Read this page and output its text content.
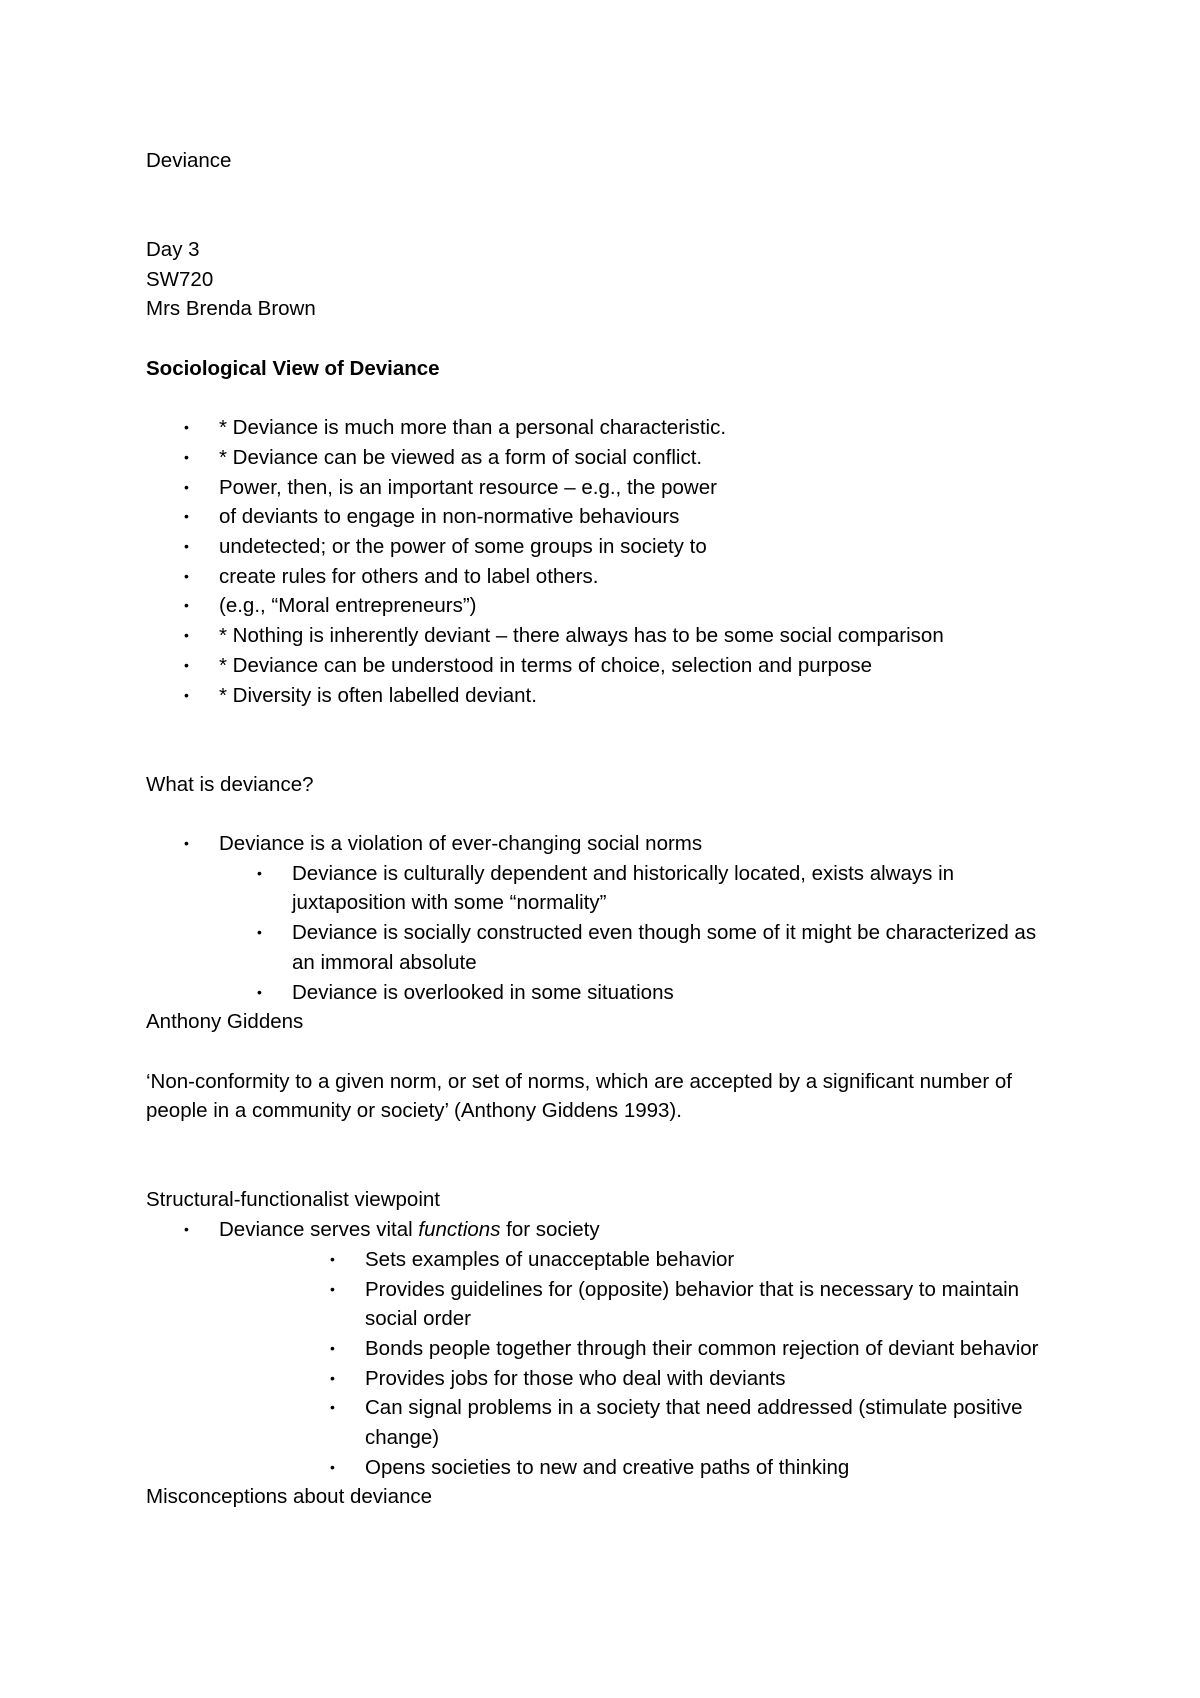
Deviance

Day 3

SW720

Mrs Brenda Brown

Sociological View of Deviance

• * Deviance is much more than a personal characteristic.
• * Deviance can be viewed as a form of social conflict.
• Power, then, is an important resource – e.g., the power
• of deviants to engage in non-normative behaviours
• undetected; or the power of some groups in society to
• create rules for others and to label others.
• (e.g., “Moral entrepreneurs”)
• * Nothing is inherently deviant – there always has to be some social comparison
• * Deviance can be understood in terms of choice, selection and purpose
• * Diversity is often labelled deviant.

What is deviance?

• Deviance is a violation of ever-changing social norms
• Deviance is culturally dependent and historically located, exists always in juxtaposition with some “normality”
• Deviance is socially constructed even though some of it might be characterized as an immoral absolute
• Deviance is overlooked in some situations

Anthony Giddens

‘Non-conformity to a given norm, or set of norms, which are accepted by a significant number of people in a community or society’ (Anthony Giddens 1993).

Structural-functionalist viewpoint

• Deviance serves vital functions for society
• Sets examples of unacceptable behavior
• Provides guidelines for (opposite) behavior that is necessary to maintain social order
• Bonds people together through their common rejection of deviant behavior
• Provides jobs for those who deal with deviants
• Can signal problems in a society that need addressed (stimulate positive change)
• Opens societies to new and creative paths of thinking

Misconceptions about deviance
